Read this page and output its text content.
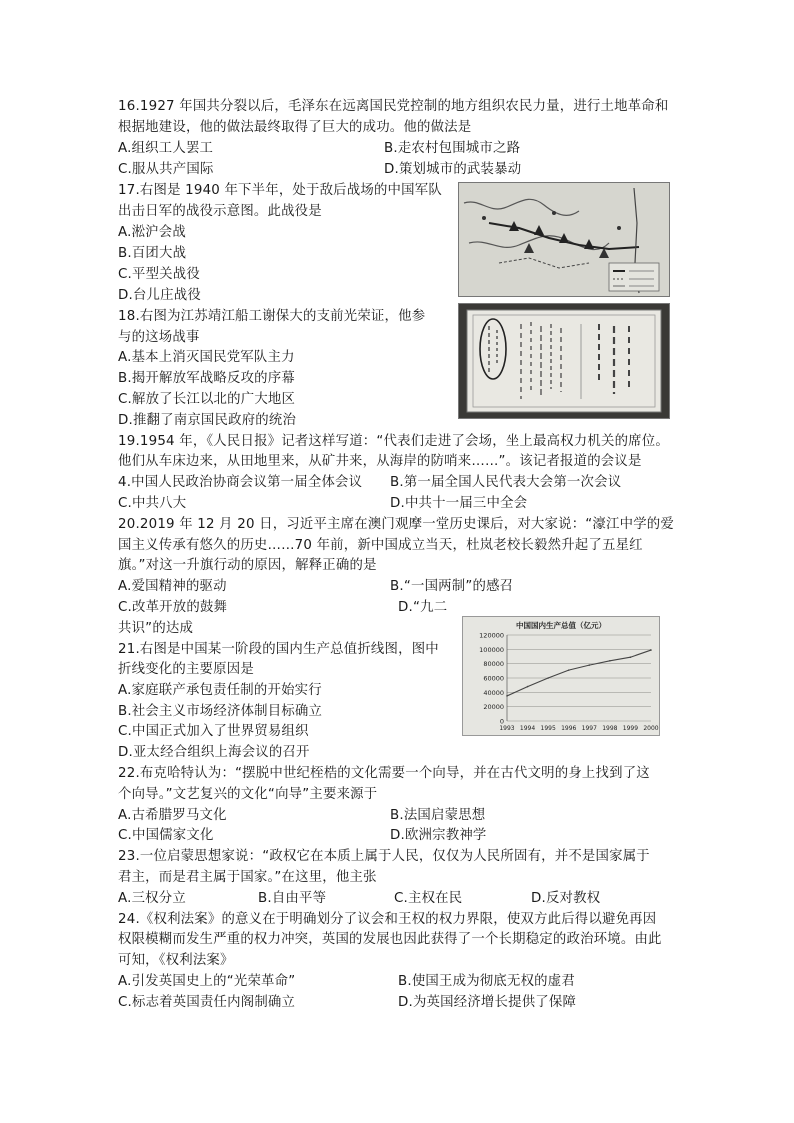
16.1927 年国共分裂以后，毛泽东在远离国民党控制的地方组织农民力量，进行土地革命和
根据地建设，他的做法最终取得了巨大的成功。他的做法是
A.组织工人罢工	B.走农村包围城市之路
C.服从共产国际	D.策划城市的武装暴动
17.右图是 1940 年下半年，处于敌后战场的中国军队
出击日军的战役示意图。此战役是
A.淞沪会战
B.百团大战
C.平型关战役
D.台儿庄战役
18.右图为江苏靖江船工谢保大的支前光荣证，他参
与的这场战事
A.基本上消灭国民党军队主力
B.揭开解放军战略反攻的序幕
C.解放了长江以北的广大地区
D.推翻了南京国民政府的统治
19.1954 年，《人民日报》记者这样写道：“代表们走进了会场，坐上最高权力机关的席位。
他们从车床边来，从田地里来，从矿井来，从海岸的防哨来……”。该记者报道的会议是
4.中国人民政治协商会议第一届全体会议 B.第一届全国人民代表大会第一次会议
C.中共八大	D.中共十一届三中全会
20.2019 年 12 月 20 日，习近平主席在澳门观摩一堂历史课后，对大家说：“濠江中学的爱
国主义传承有悠久的历史……70 年前，新中国成立当天，杜岚老校长毅然升起了五星红
旗。”对这一升旗行动的原因，解释正确的是
A.爱国精神的驱动	B.“一国两制”的感召
C.改革开放的鼓舞	D.“九二
共识”的达成
21.右图是中国某一阶段的国内生产总值折线图，图中
折线变化的主要原因是
A.家庭联产承包责任制的开始实行
B.社会主义市场经济体制目标确立
C.中国正式加入了世界贸易组织
D.亚太经合组织上海会议的召开
中国国内生产总值（亿元）
0
20000
40000
60000
80000
100000
120000
1993 1994 1995 1996 1997 1998 1999 2000
22.布克哈特认为：“摆脱中世纪桎梏的文化需要一个向导，并在古代文明的身上找到了这
个向导。”文艺复兴的文化“向导”主要来源于
A.古希腊罗马文化	B.法国启蒙思想
C.中国儒家文化	D.欧洲宗教神学
23.一位启蒙思想家说：“政权它在本质上属于人民，仅仅为人民所固有，并不是国家属于
君主，而是君主属于国家。”在这里，他主张
A.三权分立	B.自由平等	C.主权在民	D.反对教权
24.《权利法案》的意义在于明确划分了议会和王权的权力界限，使双方此后得以避免再因
权限模糊而发生严重的权力冲突，英国的发展也因此获得了一个长期稳定的政治环境。由此
可知，《权利法案》
A.引发英国史上的“光荣革命”	B.使国王成为彻底无权的虚君
C.标志着英国责任内阁制确立	D.为英国经济增长提供了保障
